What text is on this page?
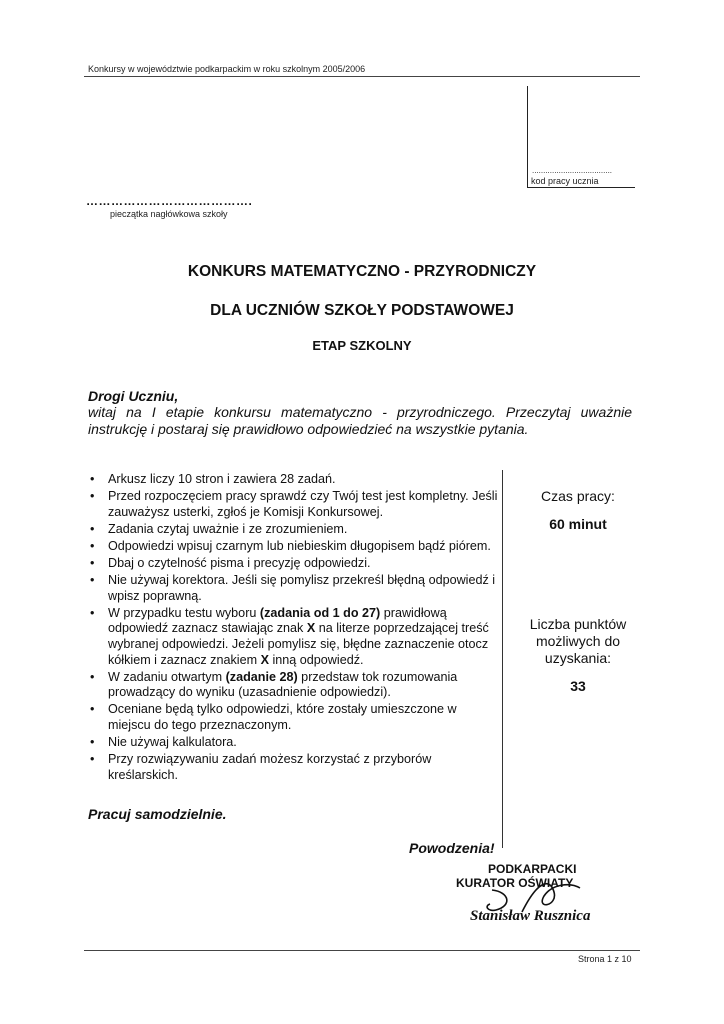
Konkursy w województwie podkarpackim w roku szkolnym 2005/2006
....................................
kod pracy ucznia
………………………………….
pieczątka nagłówkowa szkoły
KONKURS MATEMATYCZNO - PRZYRODNICZY
DLA UCZNIÓW SZKOŁY PODSTAWOWEJ
ETAP SZKOLNY
Drogi Uczniu,
witaj na I etapie konkursu matematyczno - przyrodniczego. Przeczytaj uważnie instrukcję i postaraj się prawidłowo odpowiedzieć na wszystkie pytania.
• Arkusz liczy 10 stron i zawiera 28 zadań.
• Przed rozpoczęciem pracy sprawdź czy Twój test jest kompletny. Jeśli zauważysz usterki, zgłoś je Komisji Konkursowej.
• Zadania czytaj uważnie i ze zrozumieniem.
• Odpowiedzi wpisuj czarnym lub niebieskim długopisem bądź piórem.
• Dbaj o czytelność pisma i precyzję odpowiedzi.
• Nie używaj korektora. Jeśli się pomylisz przekreśl błędną odpowiedź i wpisz poprawną.
• W przypadku testu wyboru (zadania od 1 do 27) prawidłową odpowiedź zaznacz stawiając znak X na literze poprzedzającej treść wybranej odpowiedzi. Jeżeli pomylisz się, błędne zaznaczenie otocz kółkiem i zaznacz znakiem X inną odpowiedź.
• W zadaniu otwartym (zadanie 28) przedstaw tok rozumowania prowadzący do wyniku (uzasadnienie odpowiedzi).
• Oceniane będą tylko odpowiedzi, które zostały umieszczone w miejscu do tego przeznaczonym.
• Nie używaj kalkulatora.
• Przy rozwiązywaniu zadań możesz korzystać z przyborów kreślarskich.
Czas pracy:
60 minut
Liczba punktów możliwych do uzyskania:
33
Pracuj samodzielnie.
Powodzenia!
PODKARPACKI
KURATOR OŚWIATY
Stanisław Rusznica
Strona 1 z 10
